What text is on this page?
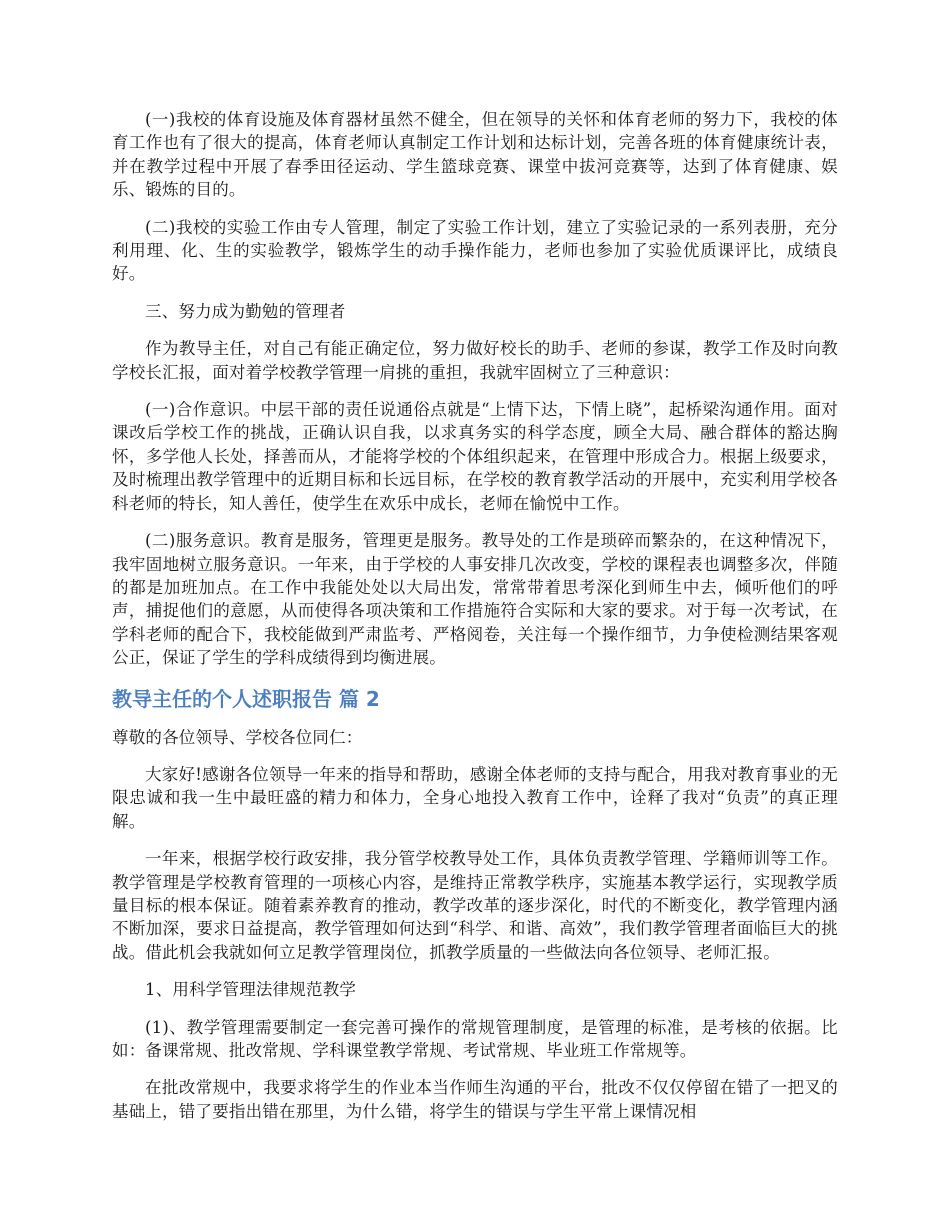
(一)我校的体育设施及体育器材虽然不健全，但在领导的关怀和体育老师的努力下，我校的体育工作也有了很大的提高，体育老师认真制定工作计划和达标计划，完善各班的体育健康统计表，并在教学过程中开展了春季田径运动、学生篮球竞赛、课堂中拔河竞赛等，达到了体育健康、娱乐、锻炼的目的。

(二)我校的实验工作由专人管理，制定了实验工作计划，建立了实验记录的一系列表册，充分利用理、化、生的实验教学，锻炼学生的动手操作能力，老师也参加了实验优质课评比，成绩良好。

三、努力成为勤勉的管理者

作为教导主任，对自己有能正确定位，努力做好校长的助手、老师的参谋，教学工作及时向教学校长汇报，面对着学校教学管理一肩挑的重担，我就牢固树立了三种意识：

(一)合作意识。中层干部的责任说通俗点就是“上情下达，下情上晓”，起桥梁沟通作用。面对课改后学校工作的挑战，正确认识自我，以求真务实的科学态度，顾全大局、融合群体的豁达胸怀，多学他人长处，择善而从，才能将学校的个体组织起来，在管理中形成合力。根据上级要求，及时梳理出教学管理中的近期目标和长远目标，在学校的教育教学活动的开展中，充实利用学校各科老师的特长，知人善任，使学生在欢乐中成长，老师在愉悦中工作。

(二)服务意识。教育是服务，管理更是服务。教导处的工作是琐碎而繁杂的，在这种情况下，我牢固地树立服务意识。一年来，由于学校的人事安排几次改变，学校的课程表也调整多次，伴随的都是加班加点。在工作中我能处处以大局出发，常常带着思考深化到师生中去，倾听他们的呼声，捕捉他们的意愿，从而使得各项决策和工作措施符合实际和大家的要求。对于每一次考试，在学科老师的配合下，我校能做到严肃监考、严格阅卷，关注每一个操作细节，力争使检测结果客观公正，保证了学生的学科成绩得到均衡进展。

教导主任的个人述职报告 篇 2

尊敬的各位领导、学校各位同仁：

大家好!感谢各位领导一年来的指导和帮助，感谢全体老师的支持与配合，用我对教育事业的无限忠诚和我一生中最旺盛的精力和体力，全身心地投入教育工作中，诠释了我对“负责”的真正理解。

一年来，根据学校行政安排，我分管学校教导处工作，具体负责教学管理、学籍师训等工作。教学管理是学校教育管理的一项核心内容，是维持正常教学秩序，实施基本教学运行，实现教学质量目标的根本保证。随着素养教育的推动，教学改革的逐步深化，时代的不断变化，教学管理内涵不断加深，要求日益提高，教学管理如何达到“科学、和谐、高效”，我们教学管理者面临巨大的挑战。借此机会我就如何立足教学管理岗位，抓教学质量的一些做法向各位领导、老师汇报。

1、用科学管理法律规范教学

(1)、教学管理需要制定一套完善可操作的常规管理制度，是管理的标准，是考核的依据。比如：备课常规、批改常规、学科课堂教学常规、考试常规、毕业班工作常规等。

在批改常规中，我要求将学生的作业本当作师生沟通的平台，批改不仅仅停留在错了一把叉的基础上，错了要指出错在那里，为什么错，将学生的错误与学生平常上课情况相
